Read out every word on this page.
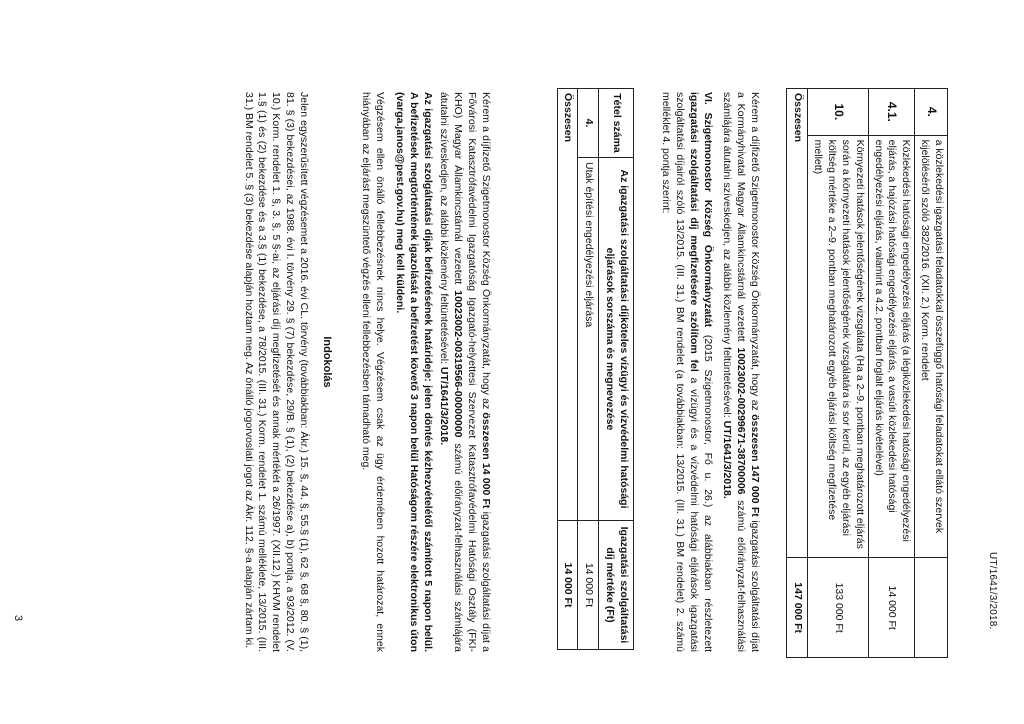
UT/1641/3/2018.
4.	a közlekedési igazgatási feladatokkal összefüggő hatósági feladatokat ellátó szervek kijelöléséről szóló 382/2016. (XII. 2.) Korm. rendelet	
4.1.	Közlekedési hatósági engedélyezési eljárás (a légiközlekedési hatósági engedélyezési eljárás, a hajózási hatósági engedélyezési eljárás, a vasúti közlekedési hatósági engedélyezési eljárás, valamint a 4.2. pontban foglalt eljárás kivételével)	14 000 Ft
10.	Környezeti hatások jelentőségének vizsgálata (Ha a 2–9. pontban meghatározott eljárás során a környezeti hatások jelentőségének vizsgálatára is sor kerül, az egyéb eljárási költség mértéke a 2–9. pontban meghatározott egyéb eljárási költség megfizetése mellett)	133 000 Ft
Összesen		147 000 Ft
Kérem a díjfizető Szigetmonostor Község Önkormányzatát, hogy az összesen 147 000 Ft igazgatási szolgáltatási díjat a Kormányhivatal Magyar Államkincstárnál vezetett 10023002-00299671-38700006 számú előirányzat-felhasználási számlájára átutalni szíveskedjen, az alábbi közlemény feltüntetésével: UT/1641/3/2018.
VI. Szigetmonostor Község Önkormányzatát (2015 Szigetmonostor, Fő u. 26.) az alábbiakban részletezett igazgatási szolgáltatási díj megfizetésére szólítom fel a vízügyi és a vízvédelmi hatósági eljárások igazgatási szolgáltatási díjairól szóló 13/2015. (III. 31.) BM rendelet (a továbbiakban: 13/2015. (III. 31.) BM rendelet) 2. számú melléklet 4. pontja szerint:
Tétel száma	Az igazgatási szolgáltatási díjköteles vízügyi és vízvédelmi hatósági eljárások sorszáma és megnevezése	Igazgatási szolgáltatási díj mértéke (Ft)
4.	Utak építési engedélyezési eljárása	14 000 Ft
Összesen		14 000 Ft
Kérem a díjfizető Szigetmonostor Község Önkormányzatát, hogy az összesen 14 000 Ft igazgatási szolgáltatási díjat a Fővárosi Katasztrófavédelmi Igazgatóság Igazgató-helyettesi Szervezet Katasztrófavédelmi Hatósági Osztály (FKI-KHO) Magyar Államkincstárnál vezetett 10023002-00319566-00000000 számú előirányzat-felhasználási számlájára átutalni szíveskedjen, az alábbi közlemény feltüntetésével: UT/1641/3/2018.
Az igazgatási szolgáltatási díjak befizetésének határideje: jelen döntés kézhezvételétől számított 5 napon belül. A befizetések megtörténtének igazolását a befizetést követő 3 napon belül Hatóságom részére elektronikus úton (varga.janos@pest.gov.hu) meg kell küldeni.
Végzésem ellen önálló fellebbezésnek nincs helye. Végzésem csak az ügy érdemében hozott határozat, ennek hiányában az eljárást megszüntető végzés elleni fellebbezésben támadható meg.
Indokolás
Jelen egyszerűsített végzésemet a 2016. évi CL. törvény (továbbiakban: Ákr.) 15. §, 44. §, 55.§ (1), 62 §, 68 §, 80. § (1), 81. § (3) bekezdései, az 1988. évi I. törvény 29. § (7) bekezdése, 29/B. § (1), (2) bekezdése a), b) pontja, a 93/2012. (V. 10.) Korm. rendelet 1. §, 3. §, 5 §-ai, az eljárási díj megfizetését és annak mértékét a 26/1997. (XII.12.) KHVM rendelet 1.§ (1) és (2) bekezdése és a 3.§ (1) bekezdése, a 78/2015. (III. 31.) Korm. rendelet 1. számú melléklete, 13/2015. (III. 31.) BM rendelet 5. § (3) bekezdése alapján hoztam meg. Az önálló jogorvoslati jogot az Ákr. 112. §-a alapján zártam ki.
3
